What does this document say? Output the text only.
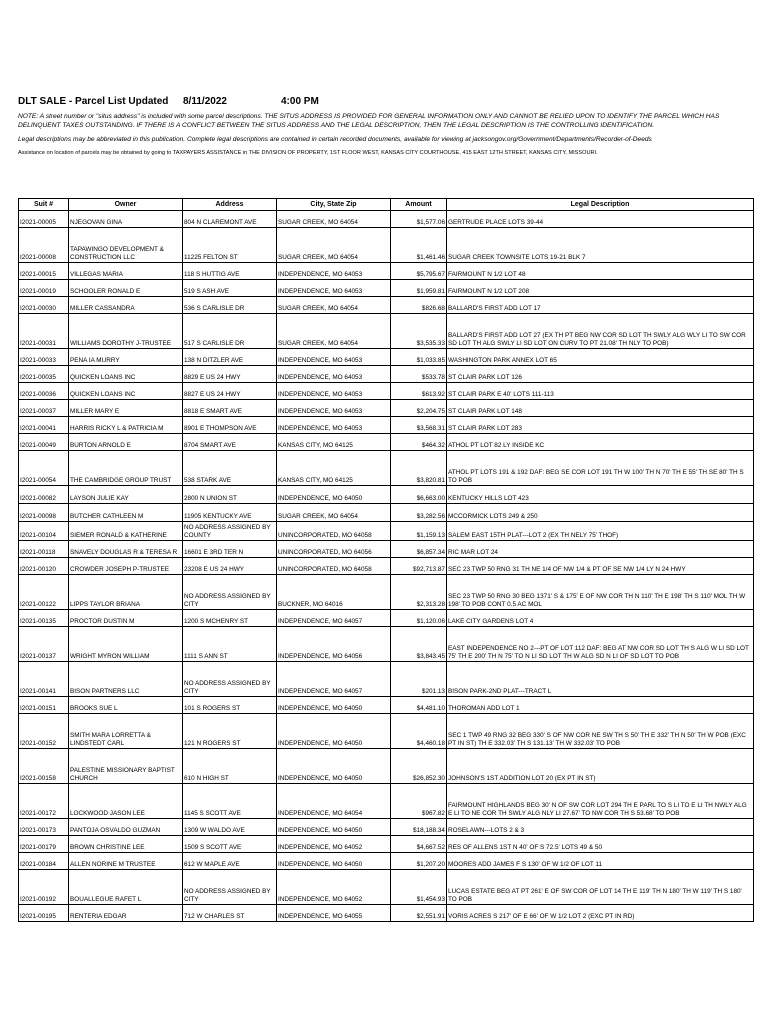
DLT SALE - Parcel List Updated 8/11/2022	4:00 PM
NOTE: A street number or "situs address" is included with some parcel descriptions. THE SITUS ADDRESS IS PROVIDED FOR GENERAL INFORMATION ONLY AND CANNOT BE RELIED UPON TO IDENTIFY THE PARCEL WHICH HAS DELINQUENT TAXES OUTSTANDING. IF THERE IS A CONFLICT BETWEEN THE SITUS ADDRESS AND THE LEGAL DESCRIPTION, THEN THE LEGAL DESCRIPTION IS THE CONTROLLING IDENTIFICATION.
Legal descriptions may be abbreviated in this publication. Complete legal descriptions are contained in certain recorded documents, available for viewing at jacksongov.org/Government/Departments/Recorder-of-Deeds
Assistance on location of parcels may be obtained by going to TAXPAYERS ASSISTANCE in THE DIVISION OF PROPERTY, 1ST FLOOR WEST, KANSAS CITY COURTHOUSE, 415 EAST 12TH STREET, KANSAS CITY, MISSOURI.
Suit #	Owner	Address	City, State Zip	Amount	Legal Description
I2021-00005	NJEGOVAN GINA	804 N CLAREMONT AVE	SUGAR CREEK, MO 64054	$1,577.06	GERTRUDE PLACE LOTS 39-44
I2021-00008	TAPAWINGO DEVELOPMENT & CONSTRUCTION LLC	11225 FELTON ST	SUGAR CREEK, MO 64054	$1,461.46	SUGAR CREEK TOWNSITE LOTS 19-21 BLK 7
I2021-00015	VILLEGAS MARIA	118 S HUTTIG AVE	INDEPENDENCE, MO 64053	$5,795.67	FAIRMOUNT N 1/2 LOT 48
I2021-00019	SCHOOLER RONALD E	519 S ASH AVE	INDEPENDENCE, MO 64053	$1,959.81	FAIRMOUNT N 1/2 LOT 208
I2021-00030	MILLER CASSANDRA	536 S CARLISLE DR	SUGAR CREEK, MO 64054	$826.68	BALLARD'S FIRST ADD LOT 17
I2021-00031	WILLIAMS DOROTHY J-TRUSTEE	517 S CARLISLE DR	SUGAR CREEK, MO 64054	$3,535.33	BALLARD'S FIRST ADD LOT 27 (EX TH PT BEG NW COR SD LOT TH SWLY ALG WLY LI TO SW COR SD LOT TH ALG SWLY LI SD LOT ON CURV TO PT 21.08' TH NLY TO POB)
I2021-00033	PENA IA MURRY	138 N DITZLER AVE	INDEPENDENCE, MO 64053	$1,033.85	WASHINGTON PARK ANNEX LOT 65
I2021-00035	QUICKEN LOANS INC	8829 E US 24 HWY	INDEPENDENCE, MO 64053	$533.78	ST CLAIR PARK LOT 126
I2021-00036	QUICKEN LOANS INC	8827 E US 24 HWY	INDEPENDENCE, MO 64053	$613.92	ST CLAIR PARK E 40' LOTS 111-113
I2021-00037	MILLER MARY E	8818 E SMART AVE	INDEPENDENCE, MO 64053	$2,204.75	ST CLAIR PARK LOT 148
I2021-00041	HARRIS RICKY L & PATRICIA M	8901 E THOMPSON AVE	INDEPENDENCE, MO 64053	$3,568.31	ST CLAIR PARK LOT 283
I2021-00049	BURTON ARNOLD E	8704 SMART AVE	KANSAS CITY, MO 64125	$464.32	ATHOL PT LOT 82 LY INSIDE KC
I2021-00054	THE CAMBRIDGE GROUP TRUST	538 STARK AVE	KANSAS CITY, MO 64125	$3,820.81	ATHOL PT LOTS 191 & 192 DAF: BEG SE COR LOT 191 TH W 100' TH N 70' TH E 55' TH SE 80' TH S TO POB
I2021-00082	LAYSON JULIE KAY	2800 N UNION ST	INDEPENDENCE, MO 64050	$6,663.00	KENTUCKY HILLS LOT 423
I2021-00098	BUTCHER CATHLEEN M	11905 KENTUCKY AVE	SUGAR CREEK, MO 64054	$3,282.56	MCCORMICK LOTS 249 & 250
I2021-00104	SIEMER RONALD & KATHERINE	NO ADDRESS ASSIGNED BY COUNTY	UNINCORPORATED, MO 64058	$1,159.13	SALEM EAST 15TH PLAT---LOT 2 (EX TH NELY 75' THOF)
I2021-00118	SNAVELY DOUGLAS R & TERESA R	16601 E 3RD TER N	UNINCORPORATED, MO 64056	$6,857.34	RIC MAR LOT 24
I2021-00120	CROWDER JOSEPH P-TRUSTEE	23208 E US 24 HWY	UNINCORPORATED, MO 64058	$92,713.87	SEC 23 TWP 50 RNG 31 TH NE 1/4 OF NW 1/4 & PT OF SE NW 1/4 LY N 24 HWY
I2021-00122	LIPPS TAYLOR BRIANA	NO ADDRESS ASSIGNED BY CITY	BUCKNER, MO 64016	$2,313.28	SEC 23 TWP 50 RNG 30 BEG 1371' S & 175' E OF NW COR TH N 110' TH E 198' TH S 110' MOL TH W 198' TO POB CONT 0.5 AC MOL
I2021-00135	PROCTOR DUSTIN M	1200 S MCHENRY ST	INDEPENDENCE, MO 64057	$1,120.06	LAKE CITY GARDENS LOT 4
I2021-00137	WRIGHT MYRON WILLIAM	1111 S ANN ST	INDEPENDENCE, MO 64056	$3,843.45	EAST INDEPENDENCE NO 2---PT OF LOT 112 DAF: BEG AT NW COR SD LOT TH S ALG W LI SD LOT 75' TH E 200' TH N 75' TO N LI SD LOT TH W ALG SD N LI OF SD LOT TO POB
I2021-00141	BISON PARTNERS LLC	NO ADDRESS ASSIGNED BY CITY	INDEPENDENCE, MO 64057	$201.13	BISON PARK-2ND PLAT---TRACT L
I2021-00151	BROOKS SUE L	101 S ROGERS ST	INDEPENDENCE, MO 64050	$4,481.10	THOROMAN ADD LOT 1
I2021-00152	SMITH MARA LORRETTA & LINDSTEDT CARL	121 N ROGERS ST	INDEPENDENCE, MO 64050	$4,460.18	SEC 1 TWP 49 RNG 32 BEG 330' S OF NW COR NE SW TH S 50' TH E 332' TH N 50' TH W POB (EXC PT IN ST) TH E 332.03' TH S 131.13' TH W 332.03' TO POB
I2021-00158	PALESTINE MISSIONARY BAPTIST CHURCH	610 N HIGH ST	INDEPENDENCE, MO 64050	$26,852.30	JOHNSON'S 1ST ADDITION LOT 20 (EX PT IN ST)
I2021-00172	LOCKWOOD JASON LEE	1145 S SCOTT AVE	INDEPENDENCE, MO 64054	$967.82	FAIRMOUNT HIGHLANDS BEG 30' N OF SW COR LOT 294 TH E PARL TO S LI TO E LI TH NWLY ALG E LI TO NE COR TH SWLY ALG NLY LI 27.67' TO NW COR TH S 53.68' TO POB
I2021-00173	PANTOJA OSVALDO GUZMAN	1309 W WALDO AVE	INDEPENDENCE, MO 64050	$18,188.34	ROSELAWN---LOTS 2 & 3
I2021-00179	BROWN CHRISTINE LEE	1509 S SCOTT AVE	INDEPENDENCE, MO 64052	$4,667.52	RES OF ALLENS 1ST N 40' OF S 72.5' LOTS 49 & 50
I2021-00184	ALLEN NORINE M TRUSTEE	612 W MAPLE AVE	INDEPENDENCE, MO 64050	$1,207.20	MOORES ADD JAMES F S 130' OF W 1/2 OF LOT 11
I2021-00192	BOUALLEGUE RAFET L	NO ADDRESS ASSIGNED BY CITY	INDEPENDENCE, MO 64052	$1,454.93	LUCAS ESTATE BEG AT PT 261' E OF SW COR OF LOT 14 TH E 119' TH N 180' TH W 119' TH S 180' TO POB
I2021-00195	RENTERIA EDGAR	712 W CHARLES ST	INDEPENDENCE, MO 64055	$2,551.91	VORIS ACRES S 217' OF E 66' OF W 1/2 LOT 2 (EXC PT IN RD)
